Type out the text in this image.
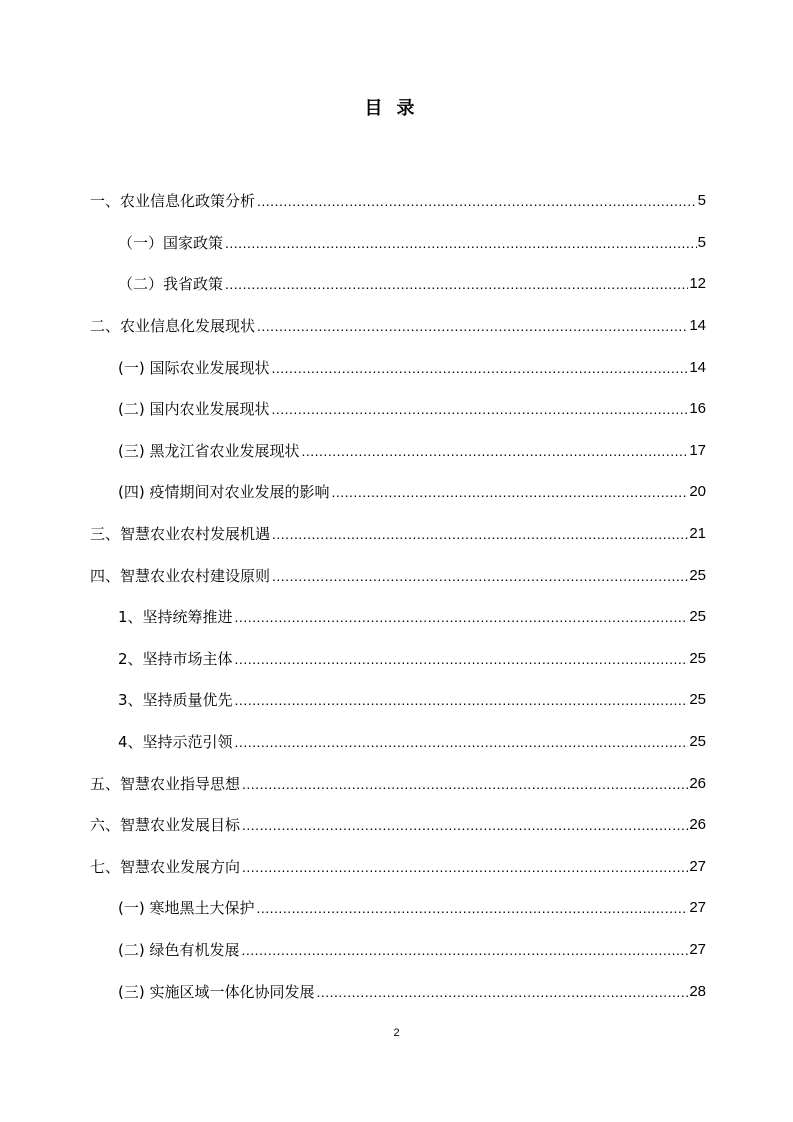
目录
一、农业信息化政策分析 .....	5
（一）国家政策 .....	5
（二）我省政策 .....	12
二、农业信息化发展现状 .....	14
(一) 国际农业发展现状 .....	14
(二) 国内农业发展现状 .....	16
(三) 黑龙江省农业发展现状 .....	17
(四) 疫情期间对农业发展的影响 .....	20
三、智慧农业农村发展机遇 .....	21
四、智慧农业农村建设原则 .....	25
1、坚持统筹推进 .....	25
2、坚持市场主体 .....	25
3、坚持质量优先 .....	25
4、坚持示范引领 .....	25
五、智慧农业指导思想 .....	26
六、智慧农业发展目标 .....	26
七、智慧农业发展方向 .....	27
(一) 寒地黑土大保护 .....	27
(二) 绿色有机发展 .....	27
(三) 实施区域一体化协同发展 .....	28
2
